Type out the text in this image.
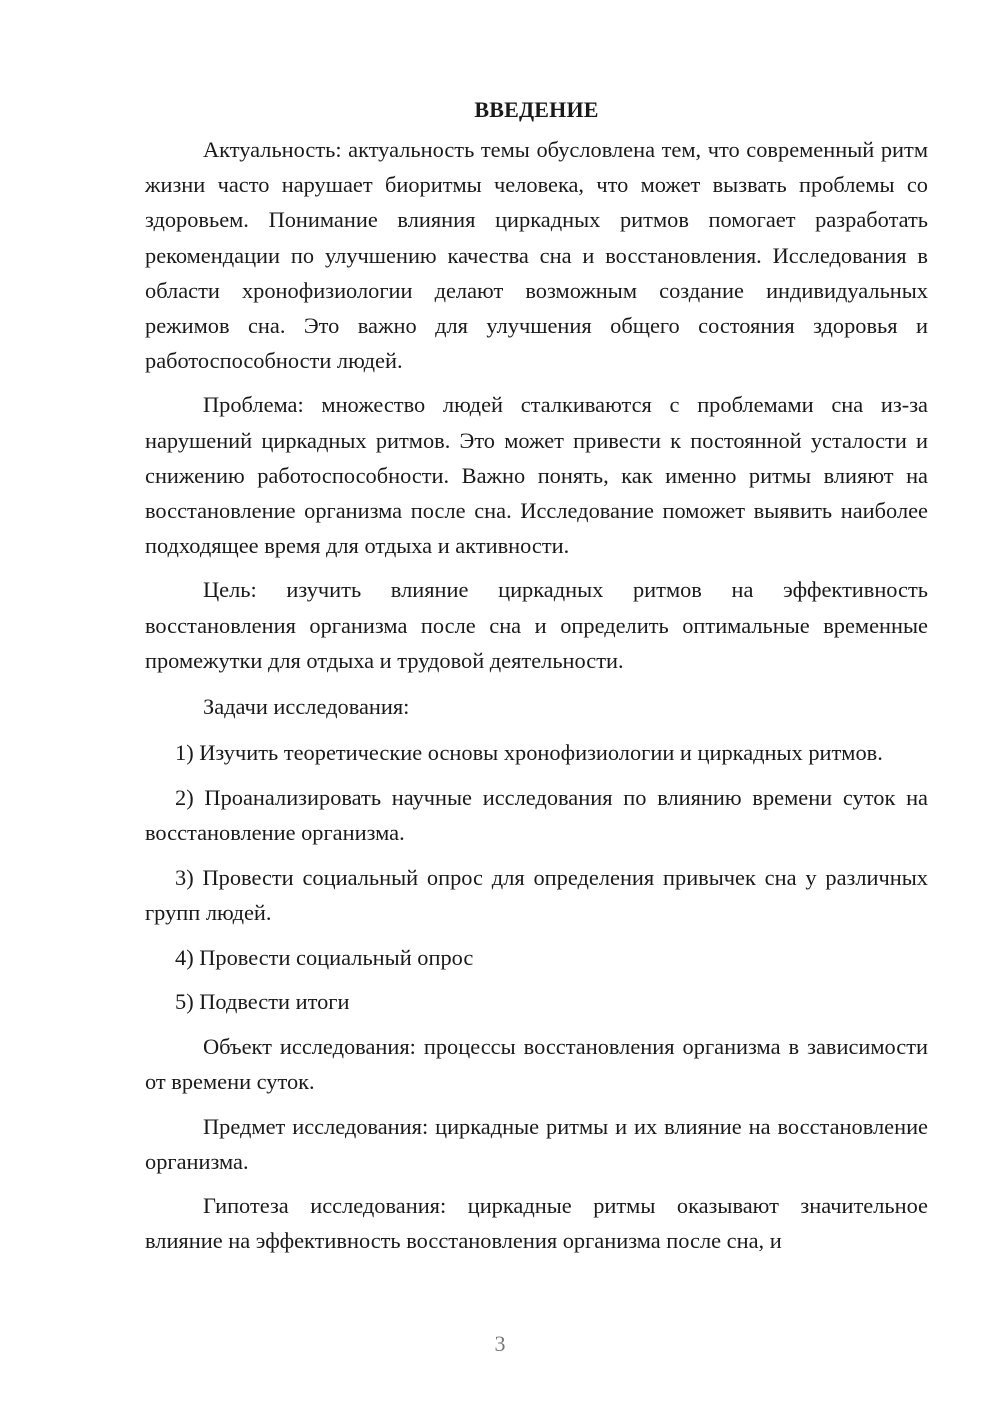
ВВЕДЕНИЕ

Актуальность: актуальность темы обусловлена тем, что современный ритм жизни часто нарушает биоритмы человека, что может вызвать проблемы со здоровьем. Понимание влияния циркадных ритмов помогает разработать рекомендации по улучшению качества сна и восстановления. Исследования в области хронофизиологии делают возможным создание индивидуальных режимов сна. Это важно для улучшения общего состояния здоровья и работоспособности людей.

Проблема: множество людей сталкиваются с проблемами сна из-за нарушений циркадных ритмов. Это может привести к постоянной усталости и снижению работоспособности. Важно понять, как именно ритмы влияют на восстановление организма после сна. Исследование поможет выявить наиболее подходящее время для отдыха и активности.

Цель: изучить влияние циркадных ритмов на эффективность восстановления организма после сна и определить оптимальные временные промежутки для отдыха и трудовой деятельности.

Задачи исследования:

1) Изучить теоретические основы хронофизиологии и циркадных ритмов.

2) Проанализировать научные исследования по влиянию времени суток на восстановление организма.

3) Провести социальный опрос для определения привычек сна у различных групп людей.

4) Провести социальный опрос

5) Подвести итоги

Объект исследования: процессы восстановления организма в зависимости от времени суток.

Предмет исследования: циркадные ритмы и их влияние на восстановление организма.

Гипотеза исследования: циркадные ритмы оказывают значительное влияние на эффективность восстановления организма после сна, и

3
